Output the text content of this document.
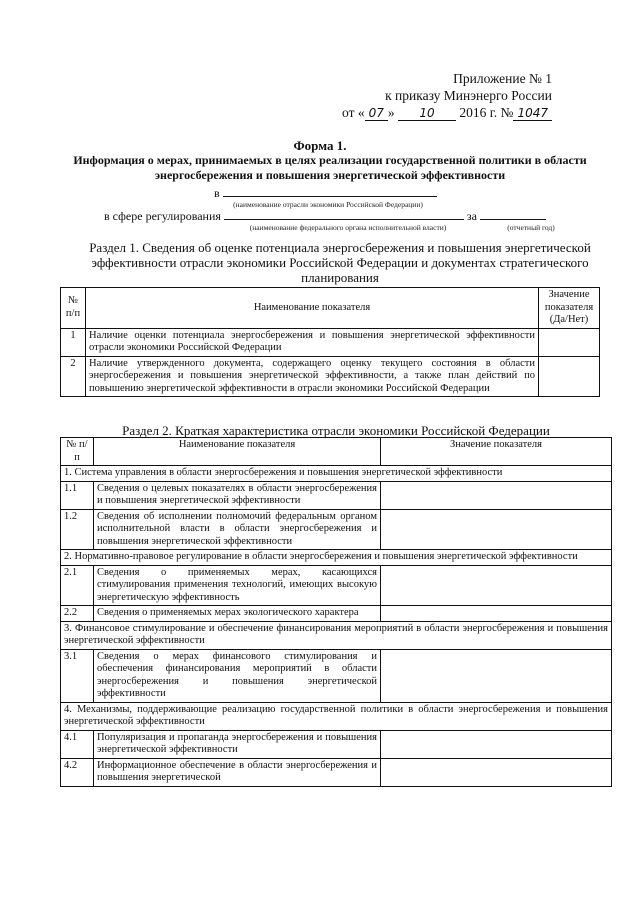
Приложение № 1
к приказу Минэнерго России
от « 07 » 10 2016 г. № 1047
Форма 1.
Информация о мерах, принимаемых в целях реализации государственной политики в области энергосбережения и повышения энергетической эффективности
в
(наименование отрасли экономики Российской Федерации)
в сфере регулирования	за
(наименование федерального органа исполнительной власти)	(отчетный год)
Раздел 1. Сведения об оценке потенциала энергосбережения и повышения энергетической эффективности отрасли экономики Российской Федерации и документах стратегического планирования
№ п/п	Наименование показателя	Значение показателя (Да/Нет)
1	Наличие оценки потенциала энергосбережения и повышения энергетической эффективности отрасли экономики Российской Федерации	
2	Наличие утвержденного документа, содержащего оценку текущего состояния в области энергосбережения и повышения энергетической эффективности, а также план действий по повышению энергетической эффективности в отрасли экономики Российской Федерации	
Раздел 2. Краткая характеристика отрасли экономики Российской Федерации
№ п/п	Наименование показателя	Значение показателя
1. Система управления в области энергосбережения и повышения энергетической эффективности		
1.1	Сведения о целевых показателях в области энергосбережения и повышения энергетической эффективности	
1.2	Сведения об исполнении полномочий федеральным органом исполнительной власти в области энергосбережения и повышения энергетической эффективности	
2. Нормативно-правовое регулирование в области энергосбережения и повышения энергетической эффективности		
2.1	Сведения о применяемых мерах, касающихся стимулирования применения технологий, имеющих высокую энергетическую эффективность	
2.2	Сведения о применяемых мерах экологического характера	
3. Финансовое стимулирование и обеспечение финансирования мероприятий в области энергосбережения и повышения энергетической эффективности		
3.1	Сведения о мерах финансового стимулирования и обеспечения финансирования мероприятий в области энергосбережения и повышения энергетической эффективности	
4. Механизмы, поддерживающие реализацию государственной политики в области энергосбережения и повышения энергетической эффективности		
4.1	Популяризация и пропаганда энергосбережения и повышения энергетической эффективности	
4.2	Информационное обеспечение в области энергосбережения и повышения энергетической	
